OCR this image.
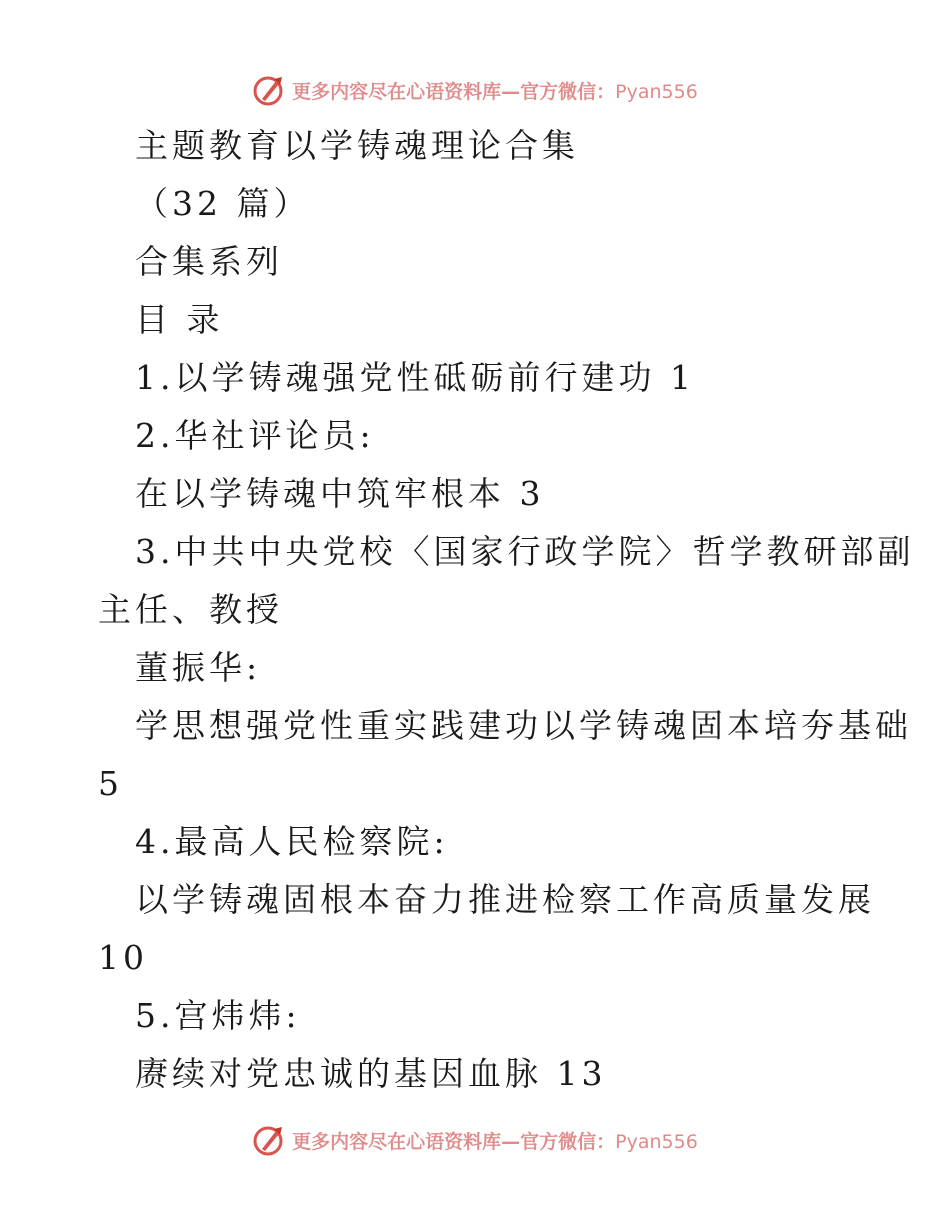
更多内容尽在心语资料库—官方微信：Pyan556
主题教育以学铸魂理论合集
（32 篇）
合集系列
目 录
1.以学铸魂强党性砥砺前行建功 1
2.华社评论员:
在以学铸魂中筑牢根本 3
3.中共中央党校〈国家行政学院〉哲学教研部副
主任、教授
董振华:
学思想强党性重实践建功以学铸魂固本培夯基础
5
4.最高人民检察院:
以学铸魂固根本奋力推进检察工作高质量发展
10
5.宫炜炜:
赓续对党忠诚的基因血脉 13
更多内容尽在心语资料库—官方微信：Pyan556
